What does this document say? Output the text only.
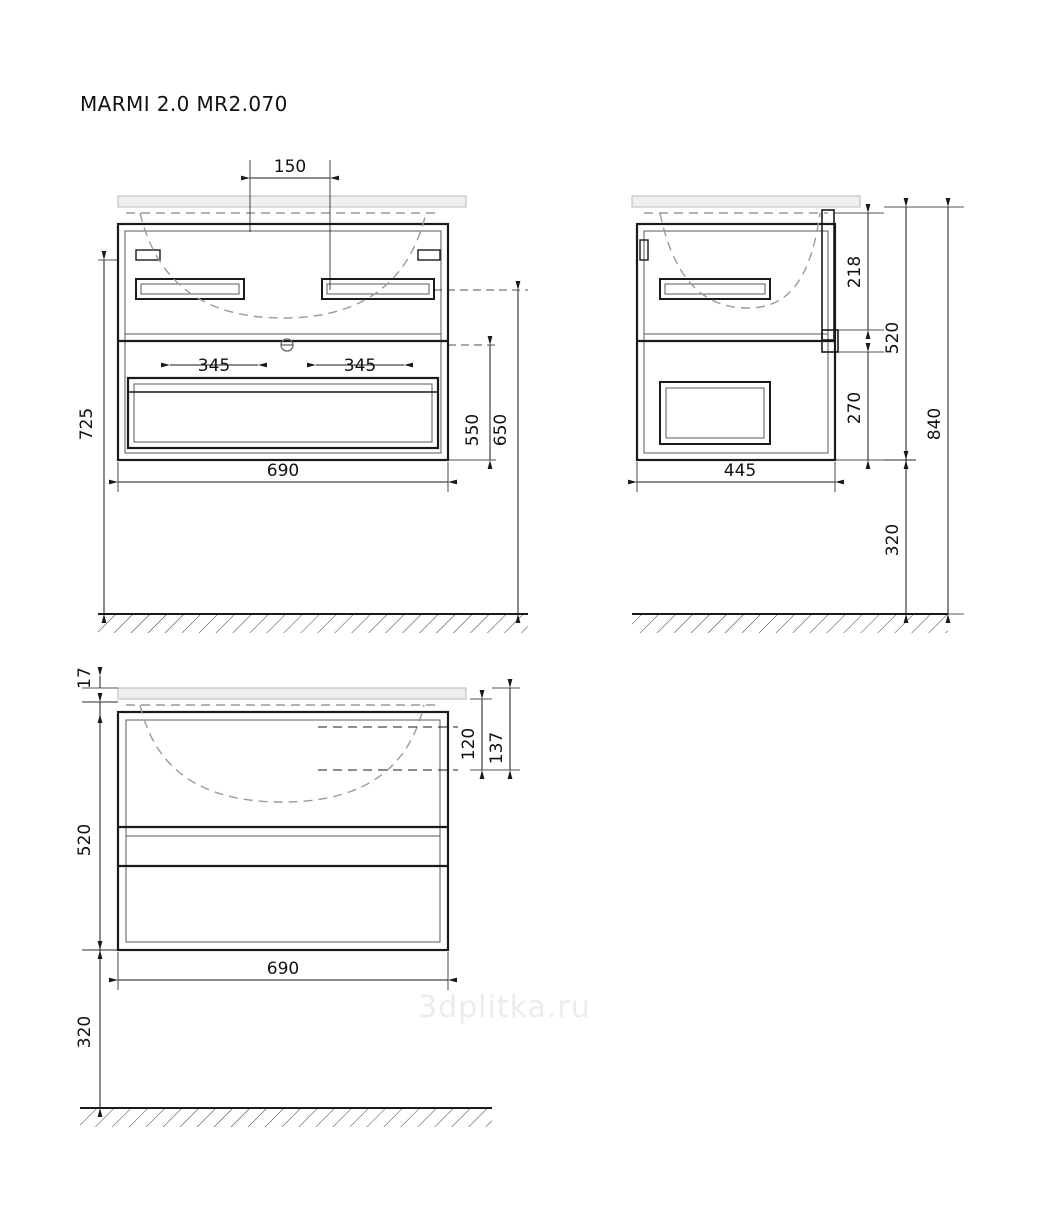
MARMI 2.0 MR2.070
3dplitka.ru
150
345	345
690
725	550 650
445
218
270
520
320
840
17
120 137
520
690
320
